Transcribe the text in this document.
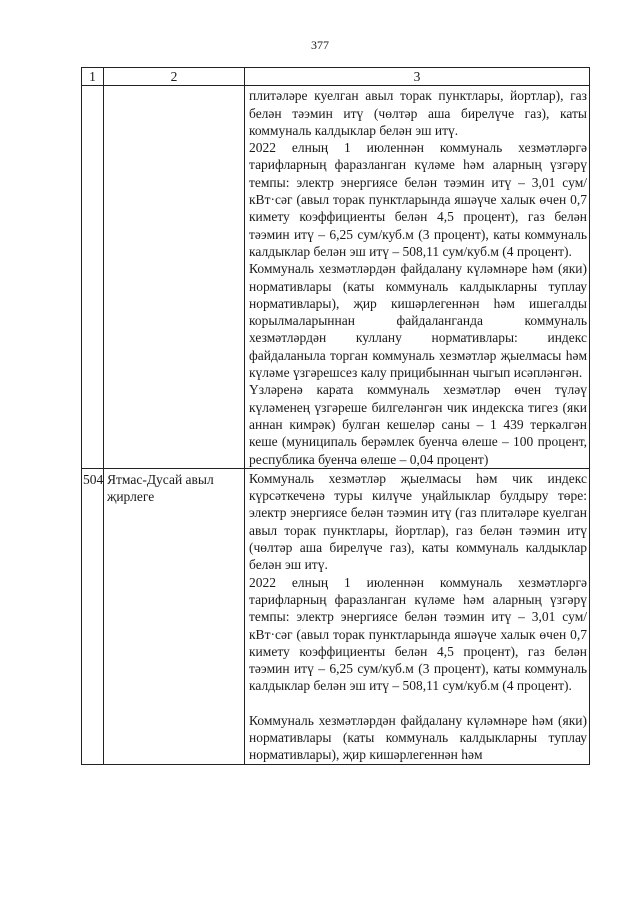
377
1	2	3

		плитәләре куелган авыл торак пунктлары, йортлар), газ белән тәэмин итү (чөлтәр аша бирелүче газ), каты коммуналь калдыклар белән эш итү.

2022 елның 1 июленнән коммуналь хезмәтләргә тарифларның фаразланган күләме һәм аларның үзгәрү темпы: электр энергиясе белән тәэмин итү – 3,01 сум/кВт·сәг (авыл торак пунктларында яшәүче халык өчен 0,7 кимету коэффициенты белән 4,5 процент), газ белән тәэмин итү – 6,25 сум/куб.м (3 процент), каты коммуналь калдыклар белән эш итү – 508,11 сум/куб.м (4 процент).

Коммуналь хезмәтләрдән файдалану күләмнәре һәм (яки) нормативлары (каты коммуналь калдыкларны туплау нормативлары), җир кишәрлегеннән һәм ишегалды корылмаларыннан файдаланганда коммуналь хезмәтләрдән куллану нормативлары: индекс файдаланыла торган коммуналь хезмәтләр җыелмасы һәм күләме үзгәрешсез калу прицибыннан чыгып исәпләнгән.

Үзләренә карата коммуналь хезмәтләр өчен түләү күләменең үзгәреше билгеләнгән чик индекска тигез (яки аннан кимрәк) булган кешеләр саны – 1 439 теркәлгән кеше (муниципаль берәмлек буенча өлеше – 100 процент, республика буенча өлеше – 0,04 процент)

504	Ятмас-Дусай авыл җирлеге	Коммуналь хезмәтләр җыелмасы һәм чик индекс күрсәткеченә туры килүче уңайлыклар булдыру төре: электр энергиясе белән тәэмин итү (газ плитәләре куелган авыл торак пунктлары, йортлар), газ белән тәэмин итү (чөлтәр аша бирелүче газ), каты коммуналь калдыклар белән эш итү.

2022 елның 1 июленнән коммуналь хезмәтләргә тарифларның фаразланган күләме һәм аларның үзгәрү темпы: электр энергиясе белән тәэмин итү – 3,01 сум/кВт·сәг (авыл торак пунктларында яшәүче халык өчен 0,7 кимету коэффициенты белән 4,5 процент), газ белән тәэмин итү – 6,25 сум/куб.м (3 процент), каты коммуналь калдыклар белән эш итү – 508,11 сум/куб.м (4 процент).

Коммуналь хезмәтләрдән файдалану күләмнәре һәм (яки) нормативлары (каты коммуналь калдыкларны туплау нормативлары), җир кишәрлегеннән һәм
